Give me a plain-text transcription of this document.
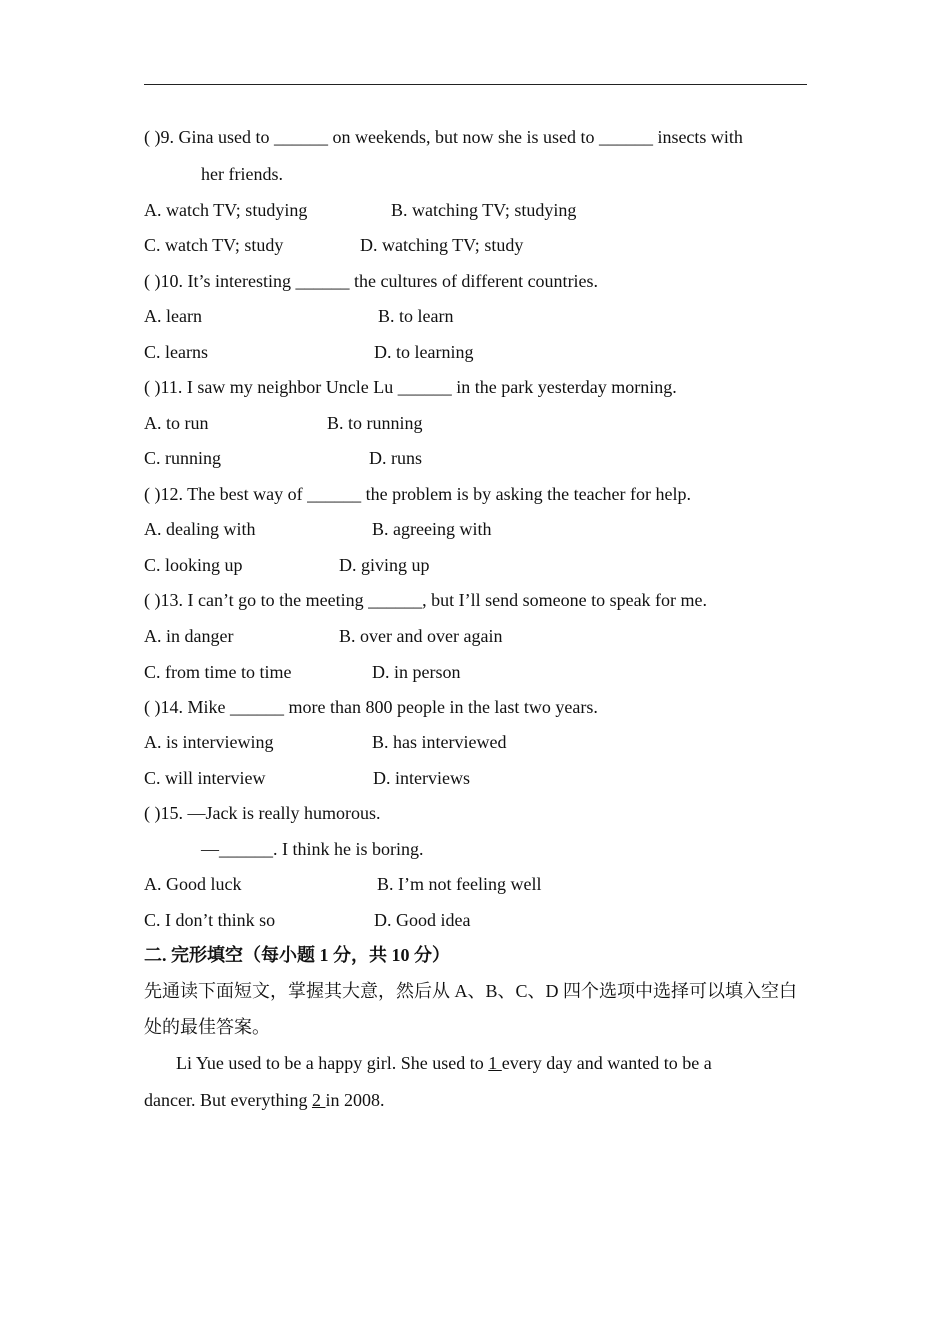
( )9. Gina used to ______ on weekends, but now she is used to ______ insects with
her friends.
A. watch TV; studying	B. watching TV; studying
C. watch TV; study	D. watching TV; study
( )10. It’s interesting ______ the cultures of different countries.
A. learn	B. to learn
C. learns	D. to learning
( )11. I saw my neighbor Uncle Lu ______ in the park yesterday morning.
A. to run	B. to running
C. running	D. runs
( )12. The best way of ______ the problem is by asking the teacher for help.
A. dealing with	B. agreeing with
C. looking up	D. giving up
( )13. I can’t go to the meeting ______, but I’ll send someone to speak for me.
A. in danger	B. over and over again
C. from time to time	D. in person
( )14. Mike ______ more than 800 people in the last two years.
A. is interviewing	B. has interviewed
C. will interview	D. interviews
( )15. —Jack is really humorous.
—______. I think he is boring.
A. Good luck	B. I’m not feeling well
C. I don’t think so	D. Good idea
二. 完形填空（每小题 1 分，共 10 分）
先通读下面短文，掌握其大意，然后从 A、B、C、D 四个选项中选择可以填入空白
处的最佳答案。
Li Yue used to be a happy girl. She used to 1 every day and wanted to be a
dancer. But everything 2 in 2008.
